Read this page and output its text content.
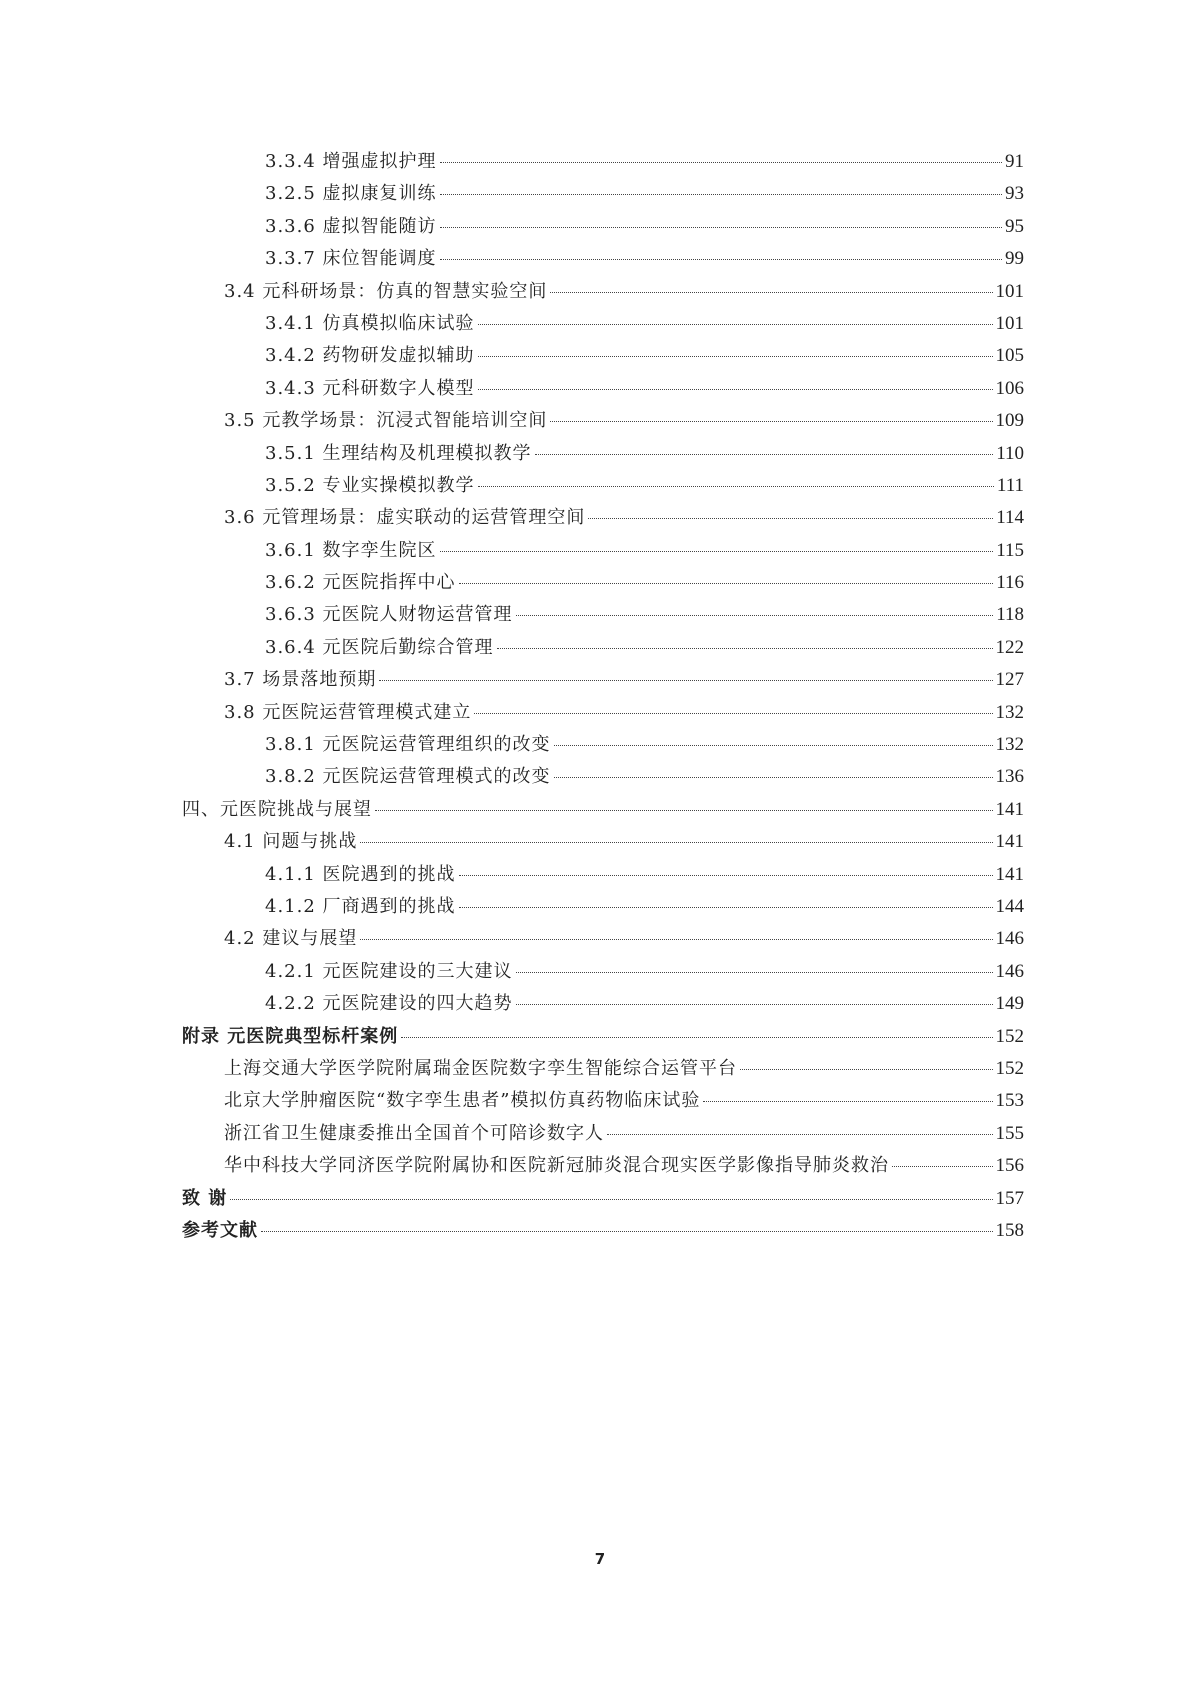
3.3.4 增强虚拟护理	91
3.2.5 虚拟康复训练	93
3.3.6 虚拟智能随访	95
3.3.7 床位智能调度	99
3.4 元科研场景：仿真的智慧实验空间	101
3.4.1 仿真模拟临床试验	101
3.4.2 药物研发虚拟辅助	105
3.4.3 元科研数字人模型	106
3.5 元教学场景：沉浸式智能培训空间	109
3.5.1 生理结构及机理模拟教学	110
3.5.2 专业实操模拟教学	111
3.6 元管理场景：虚实联动的运营管理空间	114
3.6.1 数字孪生院区	115
3.6.2 元医院指挥中心	116
3.6.3 元医院人财物运营管理	118
3.6.4 元医院后勤综合管理	122
3.7 场景落地预期	127
3.8 元医院运营管理模式建立	132
3.8.1 元医院运营管理组织的改变	132
3.8.2 元医院运营管理模式的改变	136
四、元医院挑战与展望	141
4.1 问题与挑战	141
4.1.1 医院遇到的挑战	141
4.1.2 厂商遇到的挑战	144
4.2 建议与展望	146
4.2.1 元医院建设的三大建议	146
4.2.2 元医院建设的四大趋势	149
附录 元医院典型标杆案例	152
上海交通大学医学院附属瑞金医院数字孪生智能综合运管平台	152
北京大学肿瘤医院“数字孪生患者”模拟仿真药物临床试验	153
浙江省卫生健康委推出全国首个可陪诊数字人	155
华中科技大学同济医学院附属协和医院新冠肺炎混合现实医学影像指导肺炎救治	156
致 谢	157
参考文献	158
7
